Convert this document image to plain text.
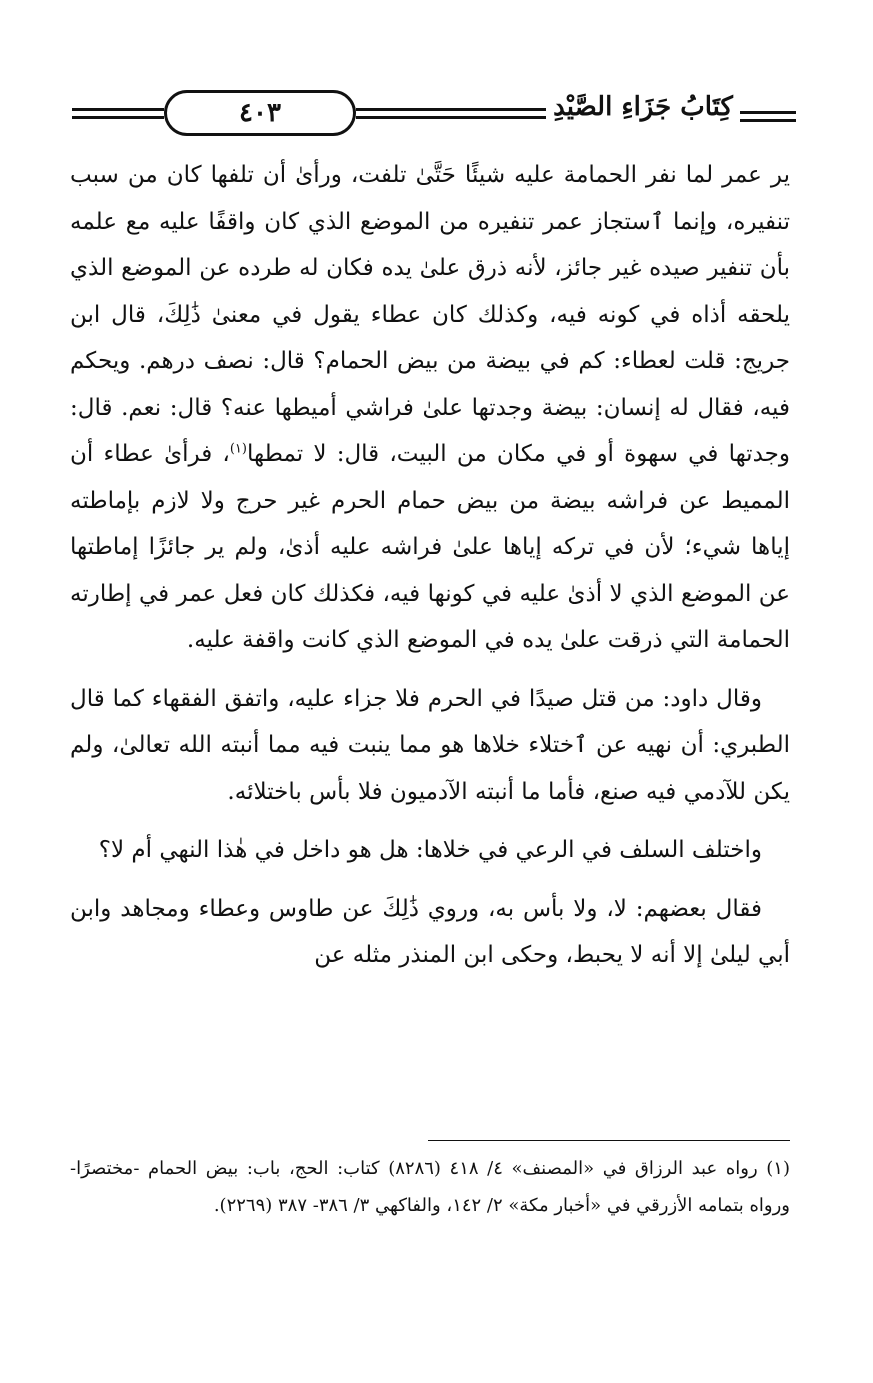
٤٠٣	كِتَابُ جَزَاءِ الصَّيْدِ

ير عمر لما نفر الحمامة عليه شيئًا حَتَّىٰ تلفت، ورأىٰ أن تلفها كان من سبب تنفيره، وإنما ٱستجاز عمر تنفيره من الموضع الذي كان واقفًا عليه مع علمه بأن تنفير صيده غير جائز، لأنه ذرق علىٰ يده فكان له طرده عن الموضع الذي يلحقه أذاه في كونه فيه، وكذلك كان عطاء يقول في معنىٰ ذَٰلِكَ، قال ابن جريج: قلت لعطاء: كم في بيضة من بيض الحمام؟ قال: نصف درهم. ويحكم فيه، فقال له إنسان: بيضة وجدتها علىٰ فراشي أميطها عنه؟ قال: نعم. قال: وجدتها في سهوة أو في مكان من البيت، قال: لا تمطها$^{(١)}$، فرأىٰ عطاء أن المميط عن فراشه بيضة من بيض حمام الحرم غير حرج ولا لازم بإماطته إياها شيء؛ لأن في تركه إياها علىٰ فراشه عليه أذىٰ، ولم ير جائزًا إماطتها عن الموضع الذي لا أذىٰ عليه في كونها فيه، فكذلك كان فعل عمر في إطارته الحمامة التي ذرقت علىٰ يده في الموضع الذي كانت واقفة عليه.

وقال داود: من قتل صيدًا في الحرم فلا جزاء عليه، واتفق الفقهاء كما قال الطبري: أن نهيه عن ٱختلاء خلاها هو مما ينبت فيه مما أنبته الله تعالىٰ، ولم يكن للآدمي فيه صنع، فأما ما أنبته الآدميون فلا بأس باختلائه.

واختلف السلف في الرعي في خلاها: هل هو داخل في هٰذا النهي أم لا؟

فقال بعضهم: لا، ولا بأس به، وروي ذَٰلِكَ عن طاوس وعطاء ومجاهد وابن أبي ليلىٰ إلا أنه لا يحبط، وحكى ابن المنذر مثله عن

(١) رواه عبد الرزاق في «المصنف» ٤/ ٤١٨ (٨٢٨٦) كتاب: الحج، باب: بيض الحمام -مختصرًا- ورواه بتمامه الأزرقي في «أخبار مكة» ٢/ ١٤٢، والفاكهي ٣/ ٣٨٦- ٣٨٧ (٢٢٦٩).
